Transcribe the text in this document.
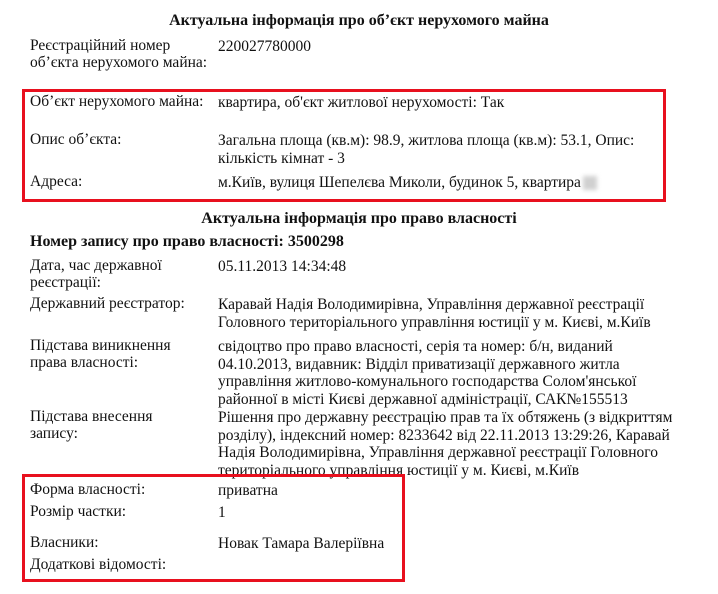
Актуальна інформація про об’єкт нерухомого майна
Реєстраційний номер об’єкта нерухомого майна:
220027780000
Об’єкт нерухомого майна: квартира, об'єкт житлової нерухомості: Так
Опис об’єкта:	Загальна площа (кв.м): 98.9, житлова площа (кв.м): 53.1, Опис: кількість кімнат - 3
Адреса:	м.Київ, вулиця Шепелєва Миколи, будинок 5, квартира
Актуальна інформація про право власності
Номер запису про право власності: 3500298
Дата, час державної реєстрації:
05.11.2013 14:34:48
Державний реєстратор:	Каравай Надія Володимирівна, Управління державної реєстрації Головного територіального управління юстиції у м. Києві, м.Київ
Підстава виникнення права власності:
свідоцтво про право власності, серія та номер: б/н, виданий 04.10.2013, видавник: Відділ приватизації державного житла управління житлово-комунального господарства Солом'янської районної в місті Києві державної адміністрації, САК№155513
Підстава внесення запису:
Рішення про державну реєстрацію прав та їх обтяжень (з відкриттям розділу), індексний номер: 8233642 від 22.11.2013 13:29:26, Каравай Надія Володимирівна, Управління державної реєстрації Головного територіального управління юстиції у м. Києві, м.Київ
Форма власності:	приватна
Розмір частки:	1
Власники:	Новак Тамара Валеріївна
Додаткові відомості:
